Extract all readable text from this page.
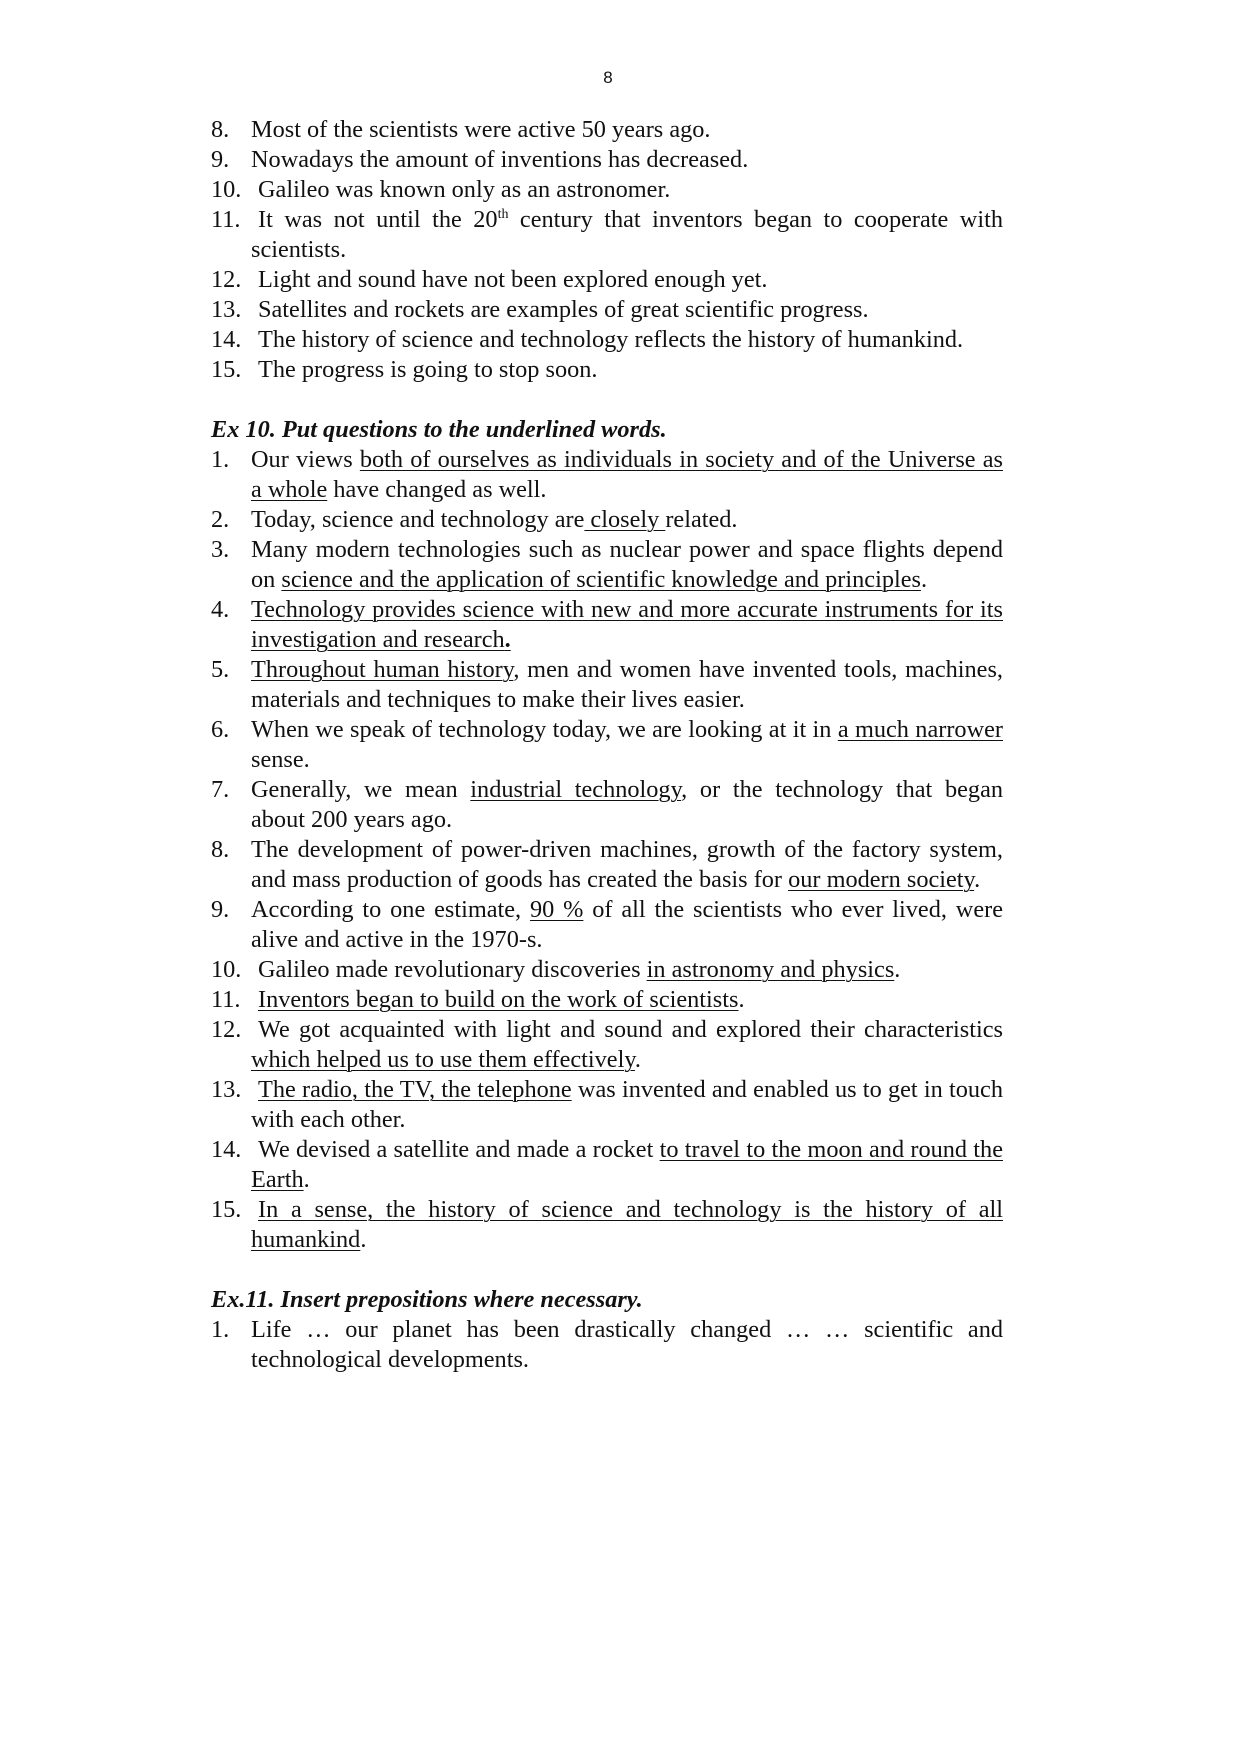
8
8. Most of the scientists were active 50 years ago.
9. Nowadays the amount of inventions has decreased.
10. Galileo was known only as an astronomer.
11. It was not until the 20th century that inventors began to cooperate with scientists.
12. Light and sound have not been explored enough yet.
13. Satellites and rockets are examples of great scientific progress.
14. The history of science and technology reflects the history of humankind.
15. The progress is going to stop soon.
Ex 10. Put questions to the underlined words.
1. Our views both of ourselves as individuals in society and of the Universe as a whole have changed as well.
2. Today, science and technology are closely related.
3. Many modern technologies such as nuclear power and space flights depend on science and the application of scientific knowledge and principles.
4. Technology provides science with new and more accurate instruments for its investigation and research.
5. Throughout human history, men and women have invented tools, machines, materials and techniques to make their lives easier.
6. When we speak of technology today, we are looking at it in a much narrower sense.
7. Generally, we mean industrial technology, or the technology that began about 200 years ago.
8. The development of power-driven machines, growth of the factory system, and mass production of goods has created the basis for our modern society.
9. According to one estimate, 90 % of all the scientists who ever lived, were alive and active in the 1970-s.
10. Galileo made revolutionary discoveries in astronomy and physics.
11. Inventors began to build on the work of scientists.
12. We got acquainted with light and sound and explored their characteristics which helped us to use them effectively.
13. The radio, the TV, the telephone was invented and enabled us to get in touch with each other.
14. We devised a satellite and made a rocket to travel to the moon and round the Earth.
15. In a sense, the history of science and technology is the history of all humankind.
Ex.11. Insert prepositions where necessary.
1. Life … our planet has been drastically changed … … scientific and technological developments.
